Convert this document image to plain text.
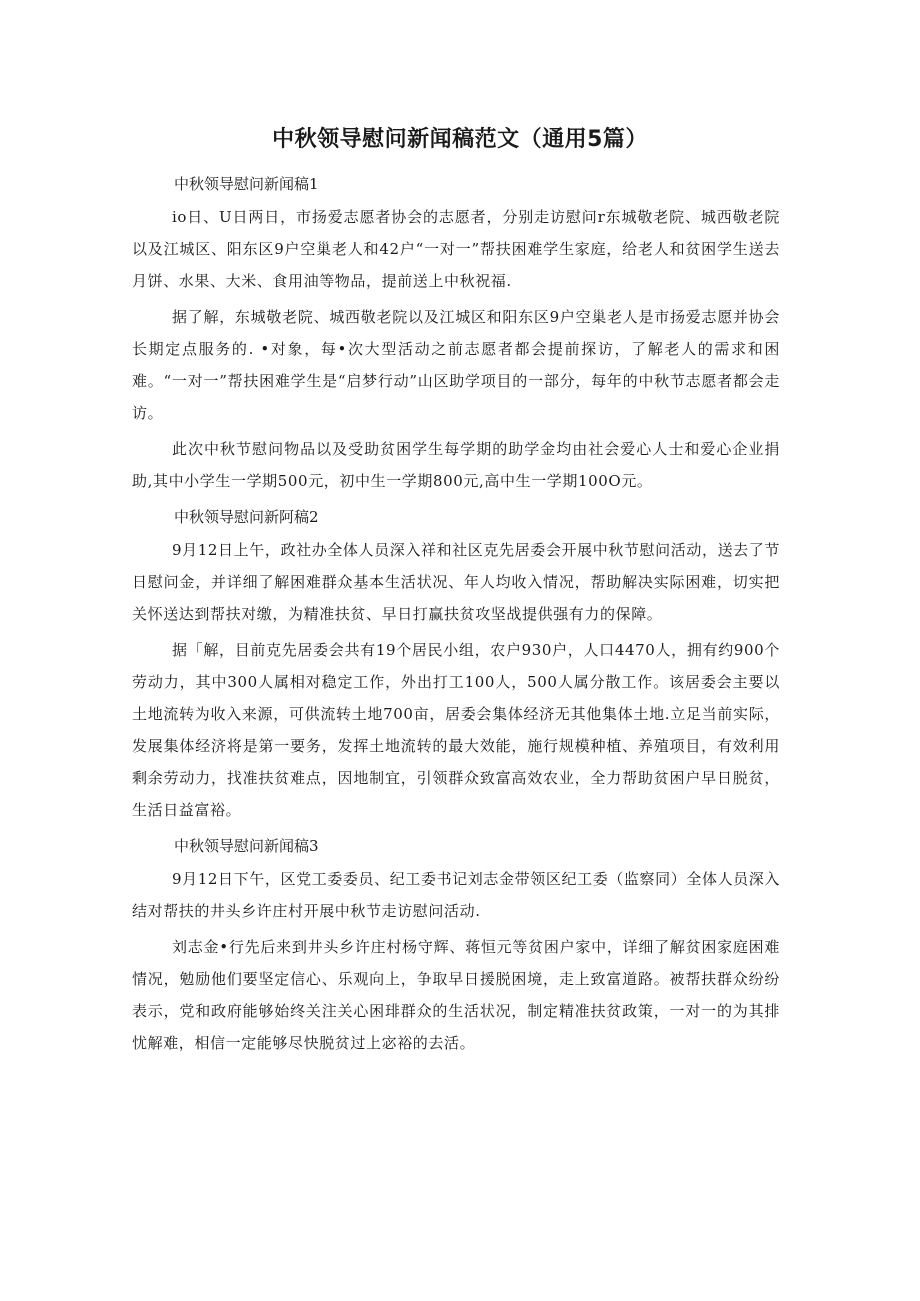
中秋领导慰问新闻稿范文（通用5篇）

中秋领导慰问新闻稿1

io日、U日两日，市扬爱志愿者协会的志愿者，分别走访慰问r东城敬老院、城西敬老院以及江城区、阳东区9户空巢老人和42户“一对一”帮扶困难学生家庭，给老人和贫困学生送去月饼、水果、大米、食用油等物品，提前送上中秋祝福.

据了解，东城敬老院、城西敬老院以及江城区和阳东区9户空巢老人是市扬爱志愿并协会长期定点服务的. •对象，每•次大型活动之前志愿者都会提前探访，了解老人的需求和困难。“一对一”帮扶困难学生是“启梦行动”山区助学项目的一部分，每年的中秋节志愿者都会走访。

此次中秋节慰问物品以及受助贫困学生每学期的助学金均由社会爱心人士和爱心企业捐助,其中小学生一学期500元，初中生一学期800元,高中生一学期100O元。

中秋领导慰问新阿稿2

9月12日上午，政社办全体人员深入祥和社区克先居委会开展中秋节慰问活动，送去了节日慰问金，并详细了解困难群众基本生活状况、年人均收入情况，帮助解决实际困难，切实把关怀送达到帮扶对缴，为精准扶贫、早日打赢扶贫攻坚战提供强有力的保障。

据「解，目前克先居委会共有19个居民小组，农户930户，人口4470人，拥有约900个劳动力，其中300人属相对稳定工作，外出打工100人，500人属分散工作。该居委会主要以土地流转为收入来源，可供流转土地700亩，居委会集体经济无其他集体土地.立足当前实际，发展集体经济将是第一要务，发挥土地流转的最大效能，施行规模种植、养殖项目，有效利用剩余劳动力，找准扶贫难点，因地制宜，引领群众致富高效农业，全力帮助贫困户早日脱贫，生活日益富裕。

中秋领导慰问新闻稿3

9月12日下午，区党工委委员、纪工委书记刘志金带领区纪工委（监察同）全体人员深入结对帮扶的井头乡许庄村开展中秋节走访慰问活动.

刘志金•行先后来到井头乡许庄村杨守辉、蒋恒元等贫困户家中，详细了解贫困家庭困难情况，勉励他们要坚定信心、乐观向上，争取早日援脱困境，走上致富道路。被帮扶群众纷纷表示，党和政府能够始终关注关心困琲群众的生活状况，制定精准扶贫政策，一对一的为其排忧解难，相信一定能够尽快脱贫过上宓裕的去活。
